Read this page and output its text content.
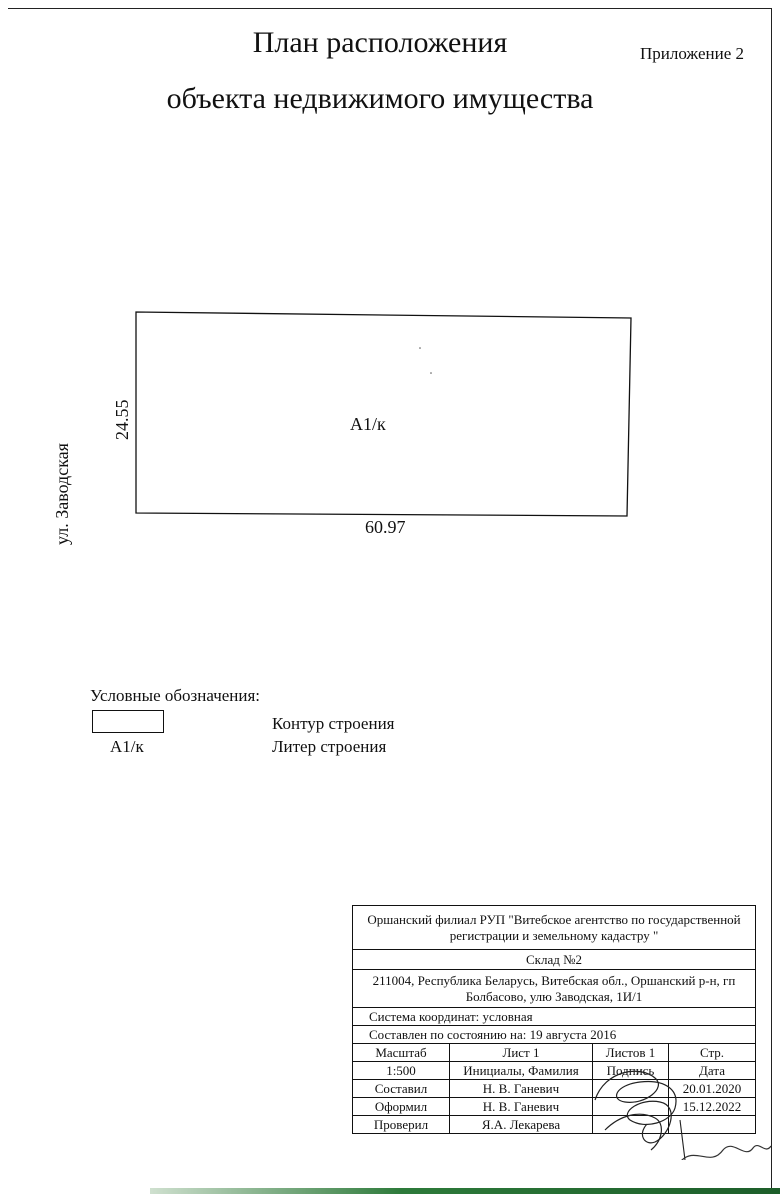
План расположения
объекта недвижимого имущества
Приложение 2
ул. Заводская	60.97
24.55	А1/к
Условные обозначения:
А1/к
Контур строения
Литер строения
Оршанский филиал РУП "Витебское агентство по государственной регистрации и земельному кадастру "			
Склад №2			
211004, Республика Беларусь, Витебская обл., Оршанский р-н, гп Болбасово, улю Заводская, 1И/1			
Система координат: условная			
Составлен по состоянию на: 19 августа 2016			
Масштаб	Лист 1	Листов 1	Стр.
1:500	Инициалы, Фамилия	Подпись	Дата
Составил	Н. В. Ганевич		20.01.2020
Оформил	Н. В. Ганевич		15.12.2022
Проверил	Я.А. Лекарева		
